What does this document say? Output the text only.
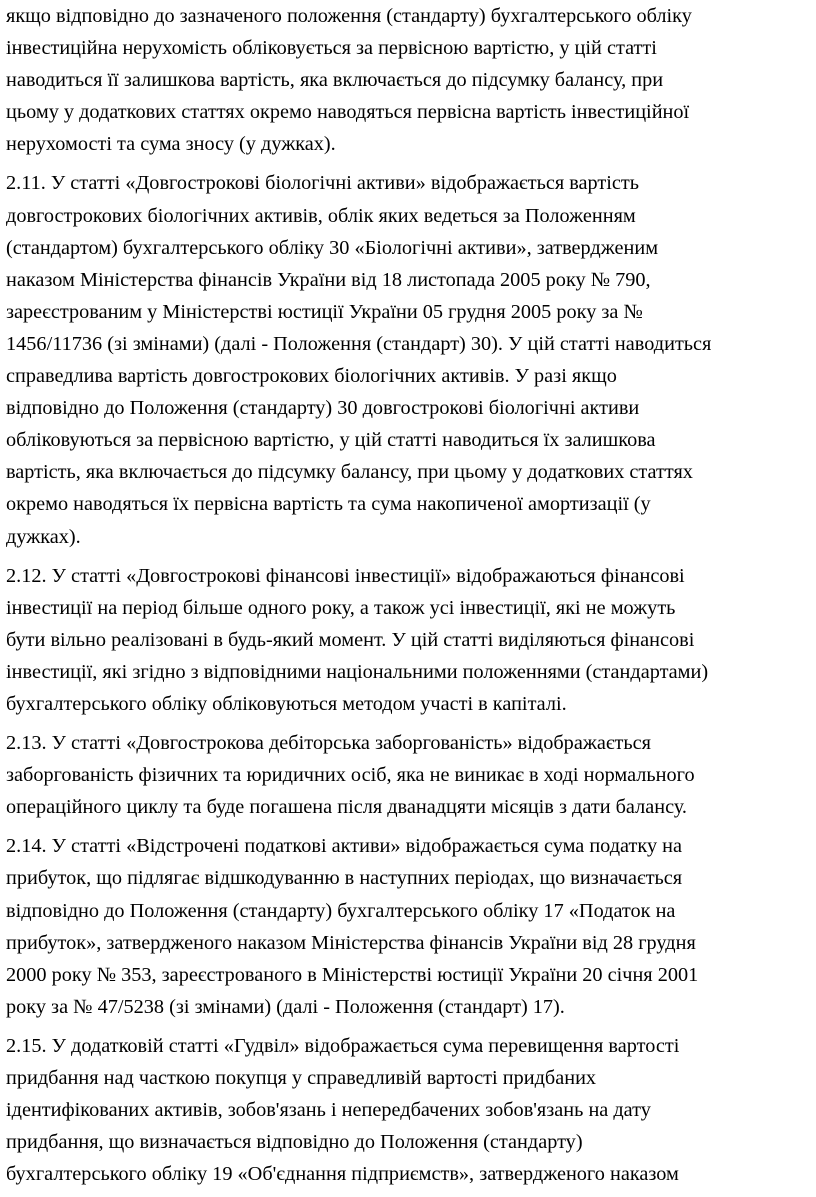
якщо відповідно до зазначеного положення (стандарту) бухгалтерського обліку
інвестиційна нерухомість обліковується за первісною вартістю, у цій статті
наводиться її залишкова вартість, яка включається до підсумку балансу, при
цьому у додаткових статтях окремо наводяться первісна вартість інвестиційної
нерухомості та сума зносу (у дужках).

2.11. У статті «Довгострокові біологічні активи» відображається вартість
довгострокових біологічних активів, облік яких ведеться за Положенням
(стандартом) бухгалтерського обліку 30 «Біологічні активи», затвердженим
наказом Міністерства фінансів України від 18 листопада 2005 року № 790,
зареєстрованим у Міністерстві юстиції України 05 грудня 2005 року за №
1456/11736 (зі змінами) (далі - Положення (стандарт) 30). У цій статті наводиться
справедлива вартість довгострокових біологічних активів. У разі якщо
відповідно до Положення (стандарту) 30 довгострокові біологічні активи
обліковуються за первісною вартістю, у цій статті наводиться їх залишкова
вартість, яка включається до підсумку балансу, при цьому у додаткових статтях
окремо наводяться їх первісна вартість та сума накопиченої амортизації (у
дужках).

2.12. У статті «Довгострокові фінансові інвестиції» відображаються фінансові
інвестиції на період більше одного року, а також усі інвестиції, які не можуть
бути вільно реалізовані в будь-який момент. У цій статті виділяються фінансові
інвестиції, які згідно з відповідними національними положеннями (стандартами)
бухгалтерського обліку обліковуються методом участі в капіталі.

2.13. У статті «Довгострокова дебіторська заборгованість» відображається
заборгованість фізичних та юридичних осіб, яка не виникає в ході нормального
операційного циклу та буде погашена після дванадцяти місяців з дати балансу.

2.14. У статті «Відстрочені податкові активи» відображається сума податку на
прибуток, що підлягає відшкодуванню в наступних періодах, що визначається
відповідно до Положення (стандарту) бухгалтерського обліку 17 «Податок на
прибуток», затвердженого наказом Міністерства фінансів України від 28 грудня
2000 року № 353, зареєстрованого в Міністерстві юстиції України 20 січня 2001
року за № 47/5238 (зі змінами) (далі - Положення (стандарт) 17).

2.15. У додатковій статті «Гудвіл» відображається сума перевищення вартості
придбання над часткою покупця у справедливій вартості придбаних
ідентифікованих активів, зобов'язань і непередбачених зобов'язань на дату
придбання, що визначається відповідно до Положення (стандарту)
бухгалтерського обліку 19 «Об'єднання підприємств», затвердженого наказом
